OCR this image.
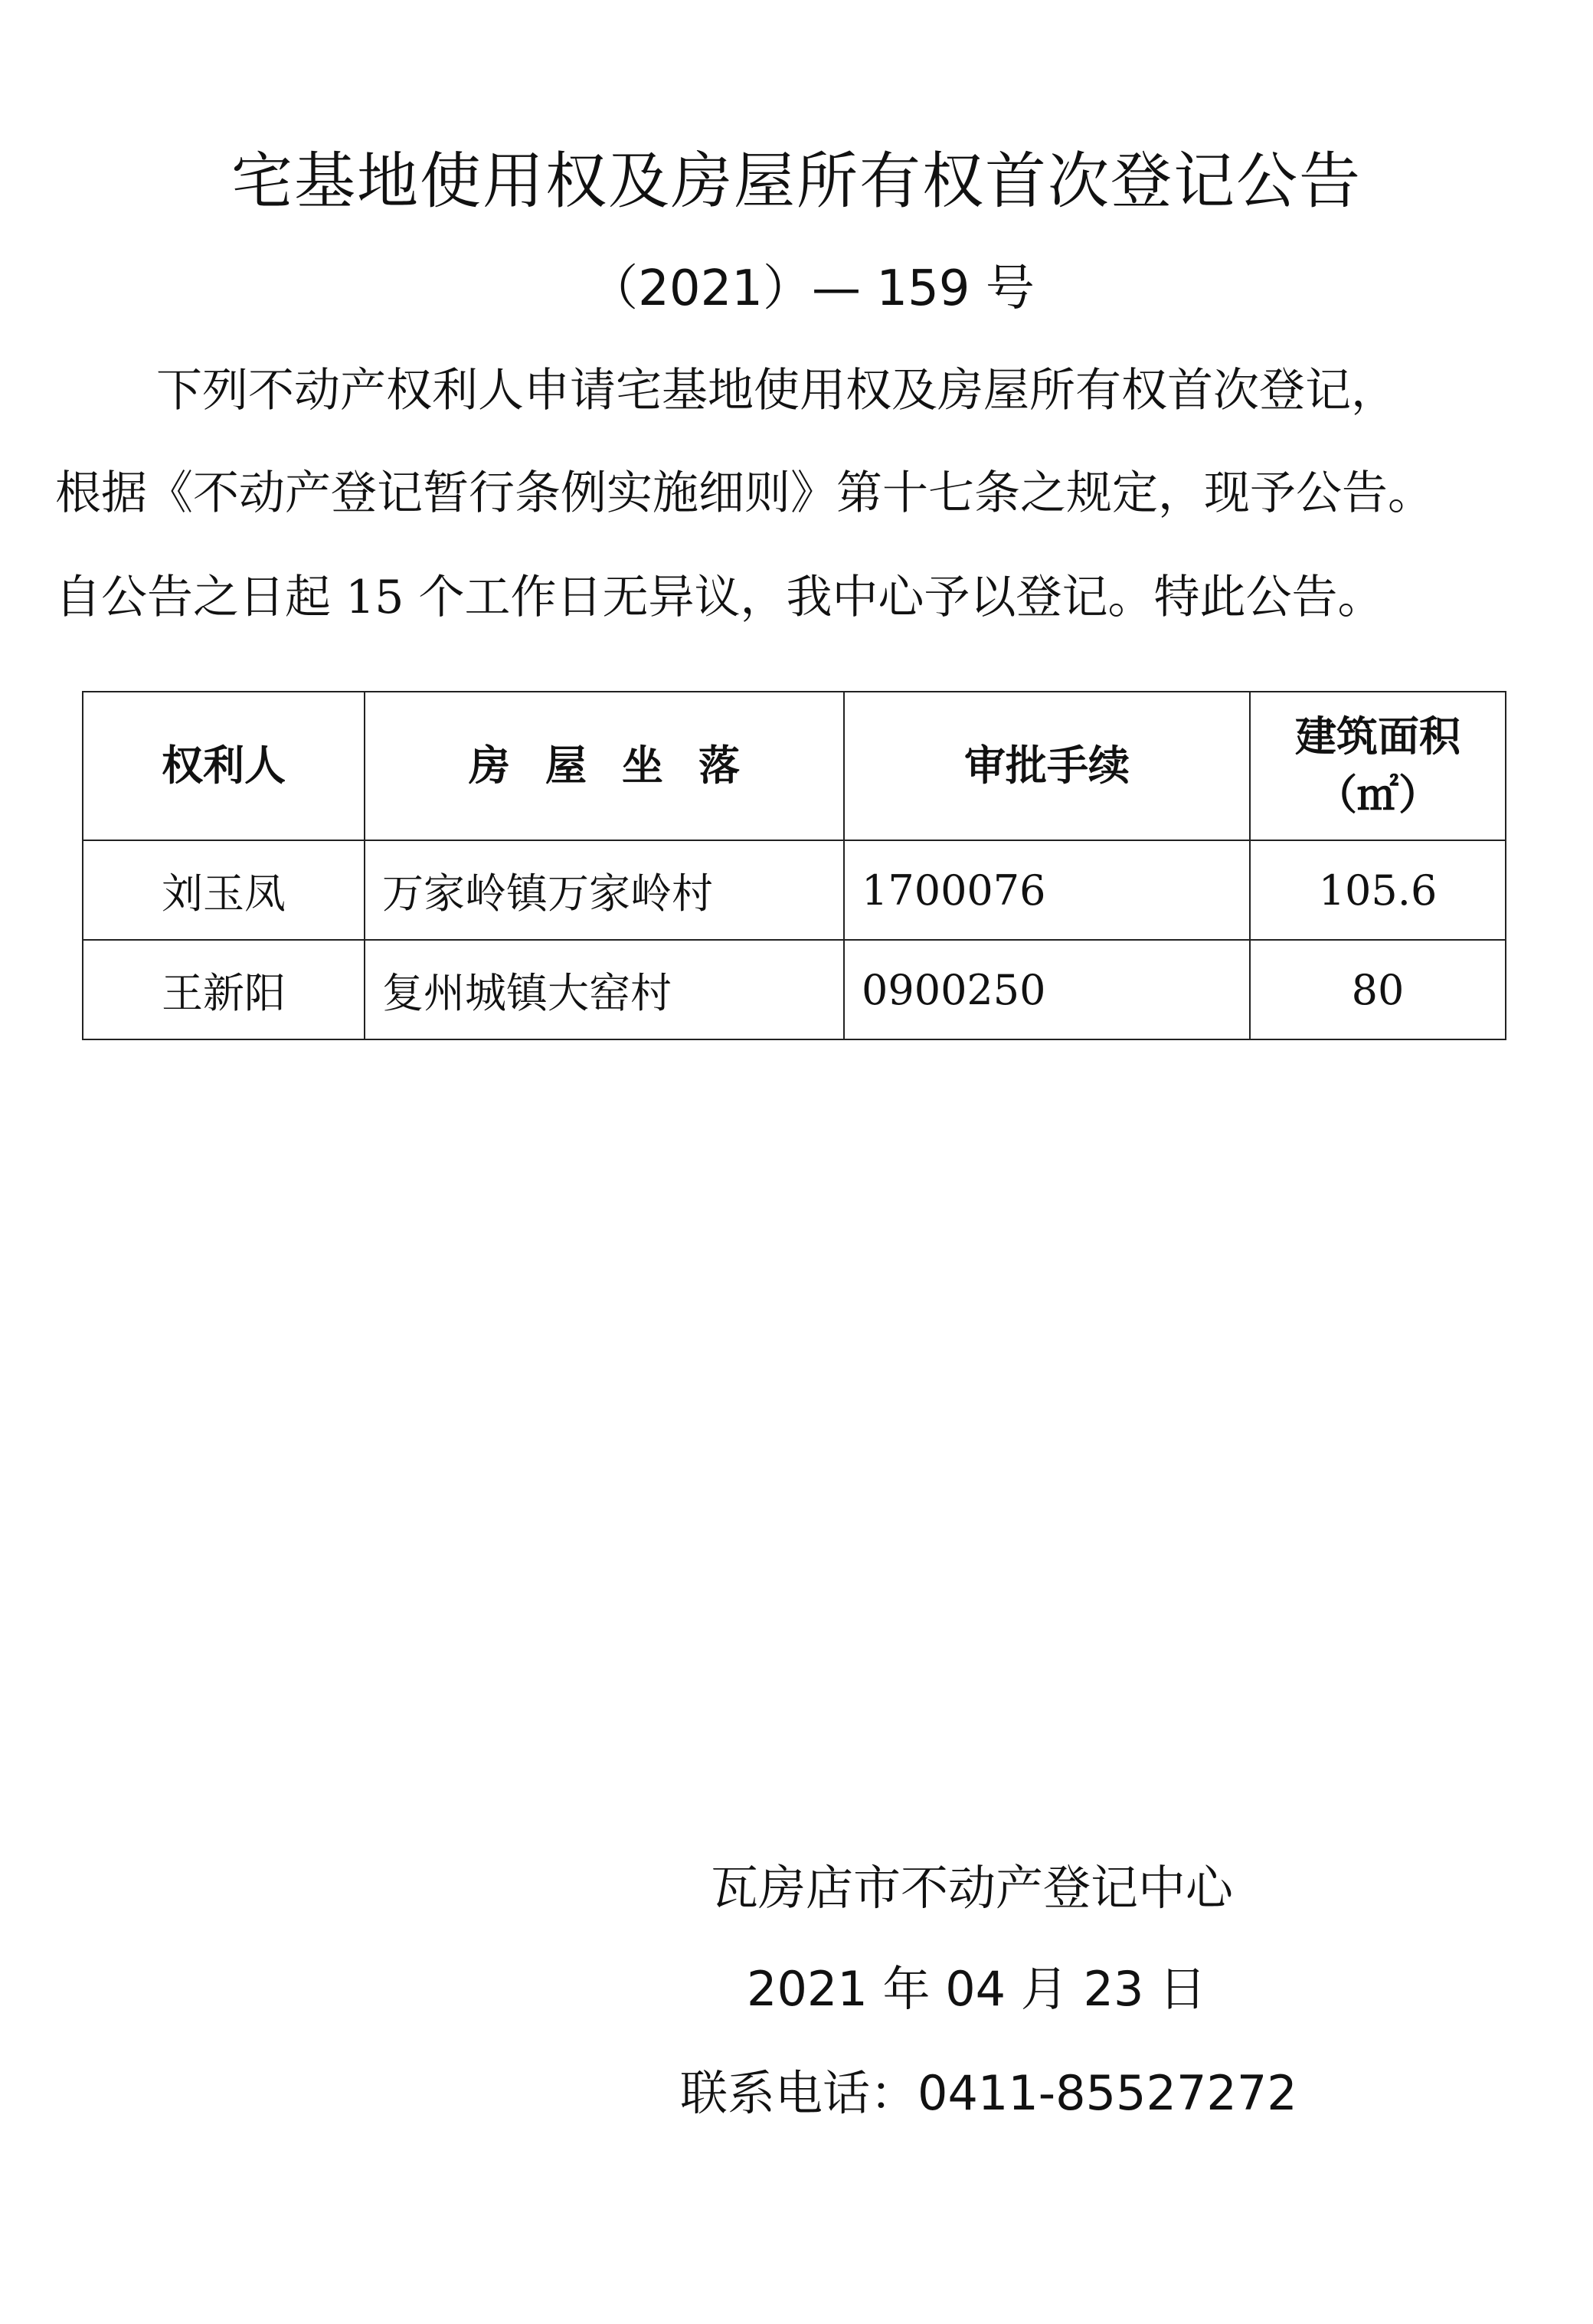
宅基地使用权及房屋所有权首次登记公告
（2021）— 159 号
下列不动产权利人申请宅基地使用权及房屋所有权首次登记，
根据《不动产登记暂行条例实施细则》第十七条之规定，现予公告。
自公告之日起 15 个工作日无异议，我中心予以登记。特此公告。
权利人	房屋坐落	审批手续	建筑面积
（㎡）

刘玉凤	万家岭镇万家岭村	1700076	105.6
王新阳	复州城镇大窑村	0900250	80
瓦房店市不动产登记中心
2021 年 04 月 23 日
联系电话：0411-85527272
